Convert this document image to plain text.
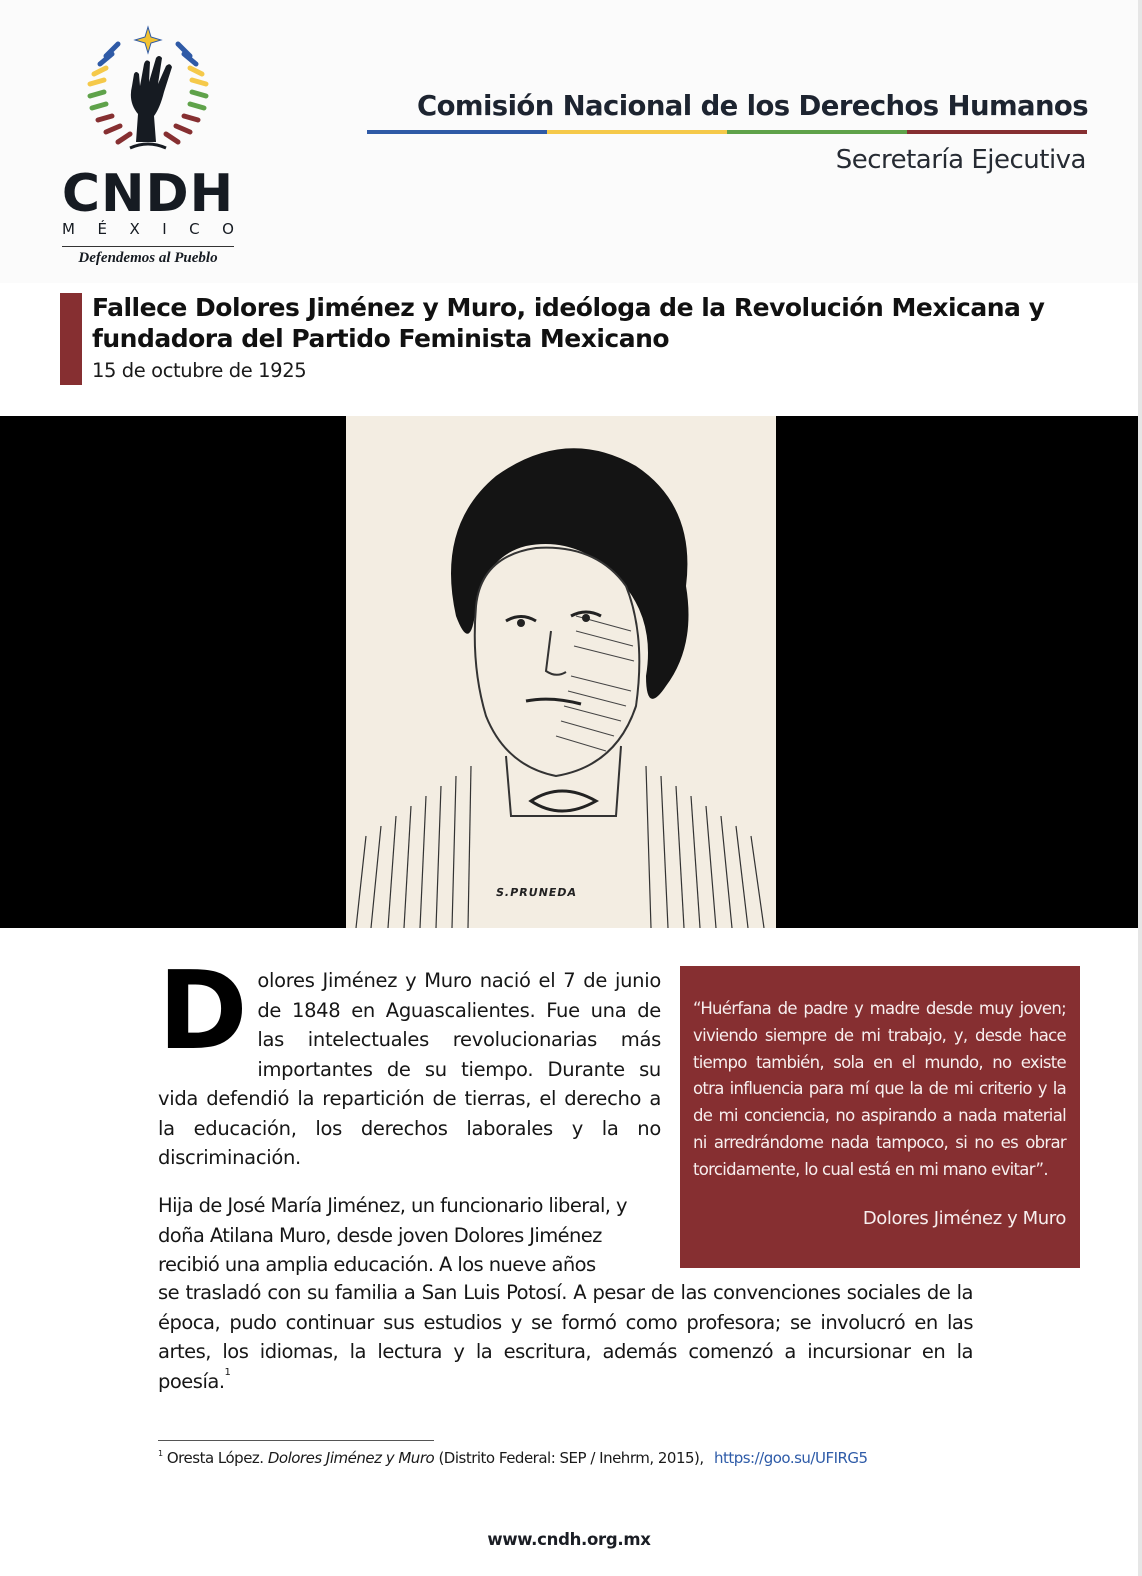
CNDH
M É X I C O
Defendemos al Pueblo
Comisión Nacional de los Derechos Humanos
Secretaría Ejecutiva
Fallece Dolores Jiménez y Muro, ideóloga de la Revolución Mexicana y fundadora del Partido Feminista Mexicano
15 de octubre de 1925
S.PRUNEDA
D olores Jiménez y Muro nació el 7 de junio de 1848 en Aguascalientes. Fue una de las intelectuales revolucionarias más importantes de su tiempo. Durante su vida defendió la repartición de tierras, el derecho a la educación, los derechos laborales y la no discriminación.

“Huérfana de padre y madre desde muy joven; viviendo siempre de mi trabajo, y, desde hace tiempo también, sola en el mundo, no existe otra influencia para mí que la de mi criterio y la de mi conciencia, no aspirando a nada material ni arredrándome nada tampoco, si no es obrar torcidamente, lo cual está en mi mano evitar”.

Dolores Jiménez y Muro

Hija de José María Jiménez, un funcionario liberal, y doña Atilana Muro, desde joven Dolores Jiménez recibió una amplia educación. A los nueve años
se trasladó con su familia a San Luis Potosí. A pesar de las convenciones sociales de la época, pudo continuar sus estudios y se formó como profesora; se involucró en las artes, los idiomas, la lectura y la escritura, además comenzó a incursionar en la poesía.$^1$
$^1$ Oresta López. Dolores Jiménez y Muro (Distrito Federal: SEP / Inehrm, 2015), https://goo.su/UFIRG5
www.cndh.org.mx
